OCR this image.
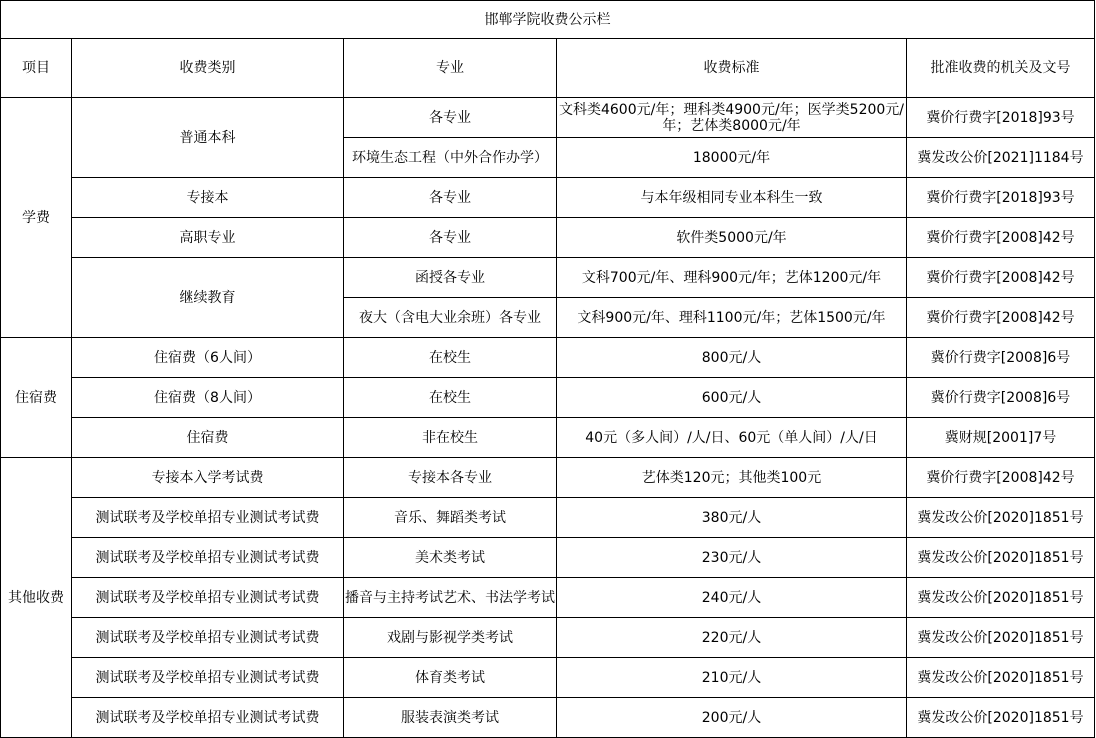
邯郸学院收费公示栏				
项目	收费类别	专业	收费标准	批准收费的机关及文号
学费	普通本科	各专业	文科类4600元/年；理科类4900元/年；医学类5200元/年；艺体类8000元/年	冀价行费字[2018]93号
		环境生态工程（中外合作办学）	18000元/年	冀发改公价[2021]1184号
	专接本	各专业	与本年级相同专业本科生一致	冀价行费字[2018]93号
	高职专业	各专业	软件类5000元/年	冀价行费字[2008]42号
	继续教育	函授各专业	文科700元/年、理科900元/年；艺体1200元/年	冀价行费字[2008]42号
		夜大（含电大业余班）各专业	文科900元/年、理科1100元/年；艺体1500元/年	冀价行费字[2008]42号
住宿费	住宿费（6人间）	在校生	800元/人	冀价行费字[2008]6号
	住宿费（8人间）	在校生	600元/人	冀价行费字[2008]6号
	住宿费	非在校生	40元（多人间）/人/日、60元（单人间）/人/日	冀财规[2001]7号
其他收费	专接本入学考试费	专接本各专业	艺体类120元；其他类100元	冀价行费字[2008]42号
	测试联考及学校单招专业测试考试费	音乐、舞蹈类考试	380元/人	冀发改公价[2020]1851号
	测试联考及学校单招专业测试考试费	美术类考试	230元/人	冀发改公价[2020]1851号
	测试联考及学校单招专业测试考试费	播音与主持考试艺术、书法学考试	240元/人	冀发改公价[2020]1851号
	测试联考及学校单招专业测试考试费	戏剧与影视学类考试	220元/人	冀发改公价[2020]1851号
	测试联考及学校单招专业测试考试费	体育类考试	210元/人	冀发改公价[2020]1851号
	测试联考及学校单招专业测试考试费	服装表演类考试	200元/人	冀发改公价[2020]1851号
